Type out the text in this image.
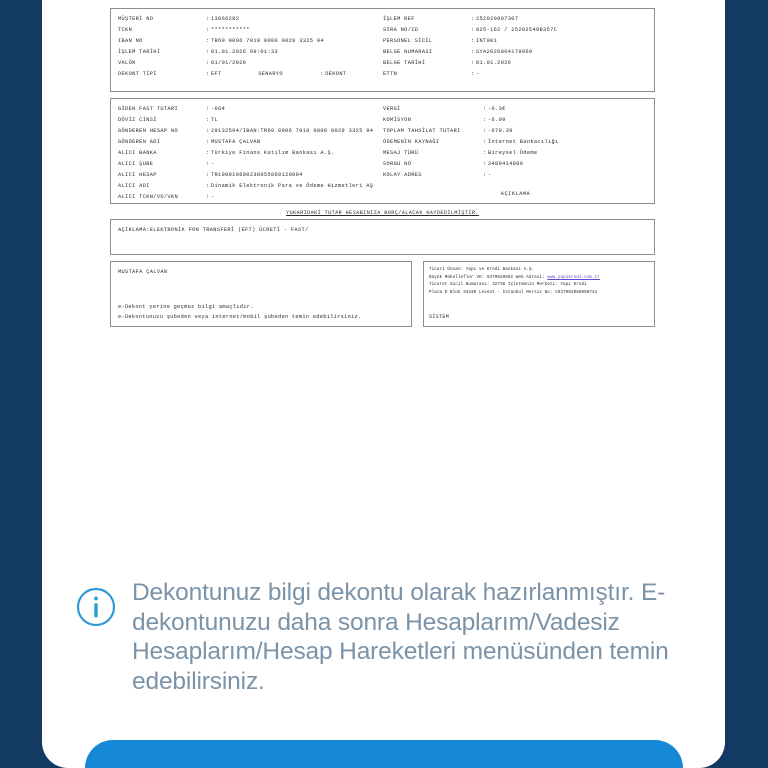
MÜŞTERİ NO	: 13066282
TCKN	: ***********
IBAN NO	: TR60 0006 7010 0000 0029 3325 94
İŞLEM TARİHİ	: 01.01.2026 09:01:33
VALÖR	: 01/01/2026
DEKONT TİPİ	: EFT	SENARYO	: DEKONT
İŞLEM REF	: 252020907307
SIRA NO/ID	: 925-162 / 25202549B357C
PERSONEL SİCİL	: INT001
BELGE NUMARASI	: SYA2026004179069
BELGE TARİHİ	: 01.01.2026
ETTN	: -
GİDEN FAST TUTARI	: -664
DÖVİZ CİNSİ	: TL
GÖNDEREN HESAP NO	: 29132594/IBAN:TR60 0006 7010 0000 0029 3325 94
GÖNDEREN ADI	: MUSTAFA ÇALVAN
ALICI BANKA	: Türkiye Finans Katılım Bankası A.Ş.
ALICI ŞUBE	: -
ALICI HESAP	: TR190010600238055860120004
ALICI ADI	: Dinamik Elektronik Para ve Ödeme Hizmetleri AŞ
ALICI TCKN/VD/VKN	: -
VERGİ	: -0.3€
KOMİSYON	: -6.09
TOPLAM TAHSİLAT TUTARI	: -670.39
ÖDEMENİN KAYNAĞI	: İnternet Bankacılığı
MESAJ TÜRÜ	: Bireysel Ödeme
SORGU NO	: 2489414800
KOLAY ADRES	: -
AÇIKLAMA
YUKARIDAKİ TUTAR HESABINIZA BORÇ/ALACAK KAYDEDİLMİŞTİR.
AÇIKLAMA:ELEKTRONİK FON TRANSFERİ (EFT) ÜCRETİ - FAST/
MUSTAFA ÇALVAN
e-Dekont yerine geçmez bilgi amaçlıdır.
e-Dekontunuzu şubeden veya internet/mobil şubeden temin edebilirsiniz.
Ticari Ünvan: Yapı ve Kredi Bankası A.Ş.
Büyük Mükellefler VD: 9370020892 Web Adresi: www.yapikredi.com.tr
Ticaret Sicil Numarası: 32736 İşletmenin Merkezi: Yapı Kredi
Plaza D Blok 34330 Levent - İstanbul Mersis No: C937002089080741
SİSTEM
Dekontunuz bilgi dekontu olarak hazırlanmıştır. E-dekontunuzu daha sonra Hesaplarım/Vadesiz Hesaplarım/Hesap Hareketleri menüsünden temin edebilirsiniz.
